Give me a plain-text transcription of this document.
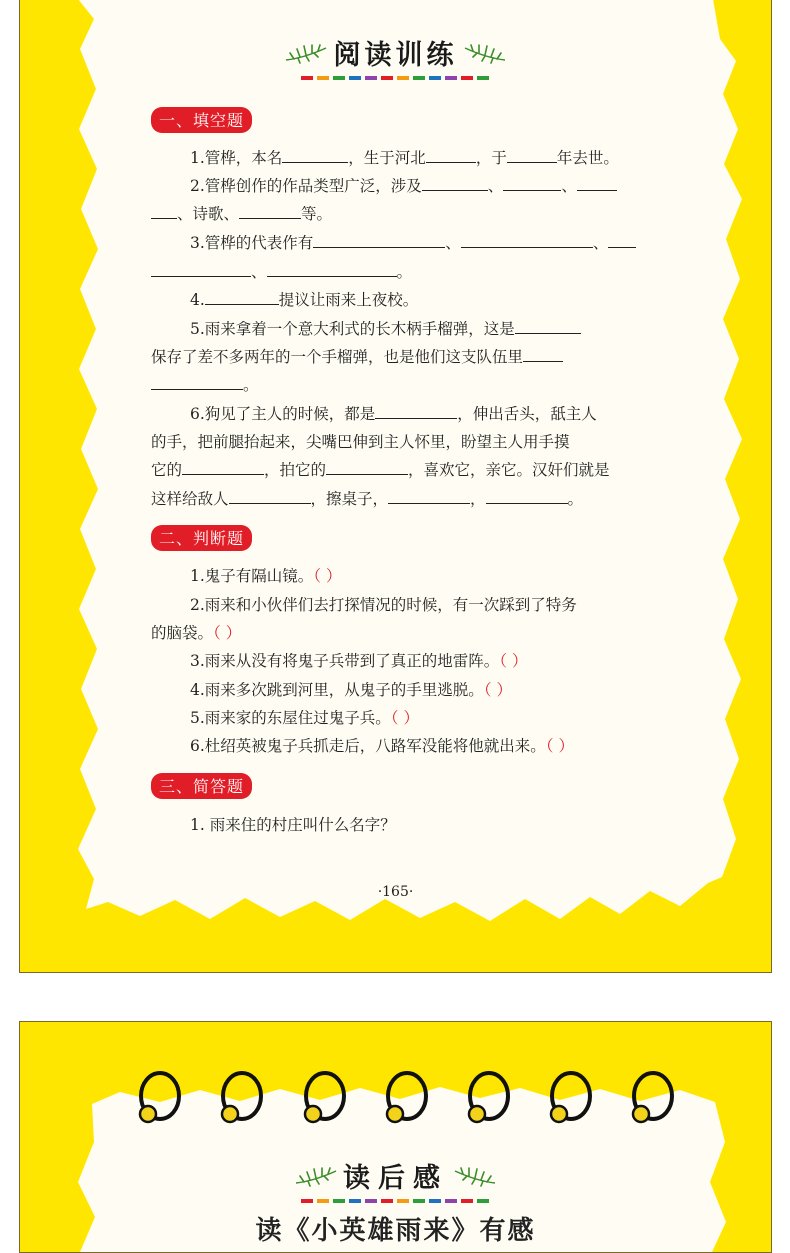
阅读训练
一、填空题
1.管桦，本名	，生于河北	，于	年去世。
2.管桦创作的作品类型广泛，涉及	、	、
、诗歌、	等。
3.管桦的代表作有	、	、
、	。
4.	提议让雨来上夜校。
5.雨来拿着一个意大利式的长木柄手榴弹，这是
保存了差不多两年的一个手榴弹，也是他们这支队伍里
。
6.狗见了主人的时候，都是	，伸出舌头，舐主人
的手，把前腿抬起来，尖嘴巴伸到主人怀里，盼望主人用手摸
它的	，拍它的	，喜欢它，亲它。汉奸们就是
这样给敌人	，擦桌子，	，	。
二、判断题
1.鬼子有隔山镜。（ ）
2.雨来和小伙伴们去打探情况的时候，有一次踩到了特务
的脑袋。（ ）
3.雨来从没有将鬼子兵带到了真正的地雷阵。（ ）
4.雨来多次跳到河里，从鬼子的手里逃脱。（ ）
5.雨来家的东屋住过鬼子兵。（ ）
6.杜绍英被鬼子兵抓走后，八路军没能将他就出来。（ ）
三、简答题
1. 雨来住的村庄叫什么名字？
·165·
读后感
读《小英雄雨来》有感
